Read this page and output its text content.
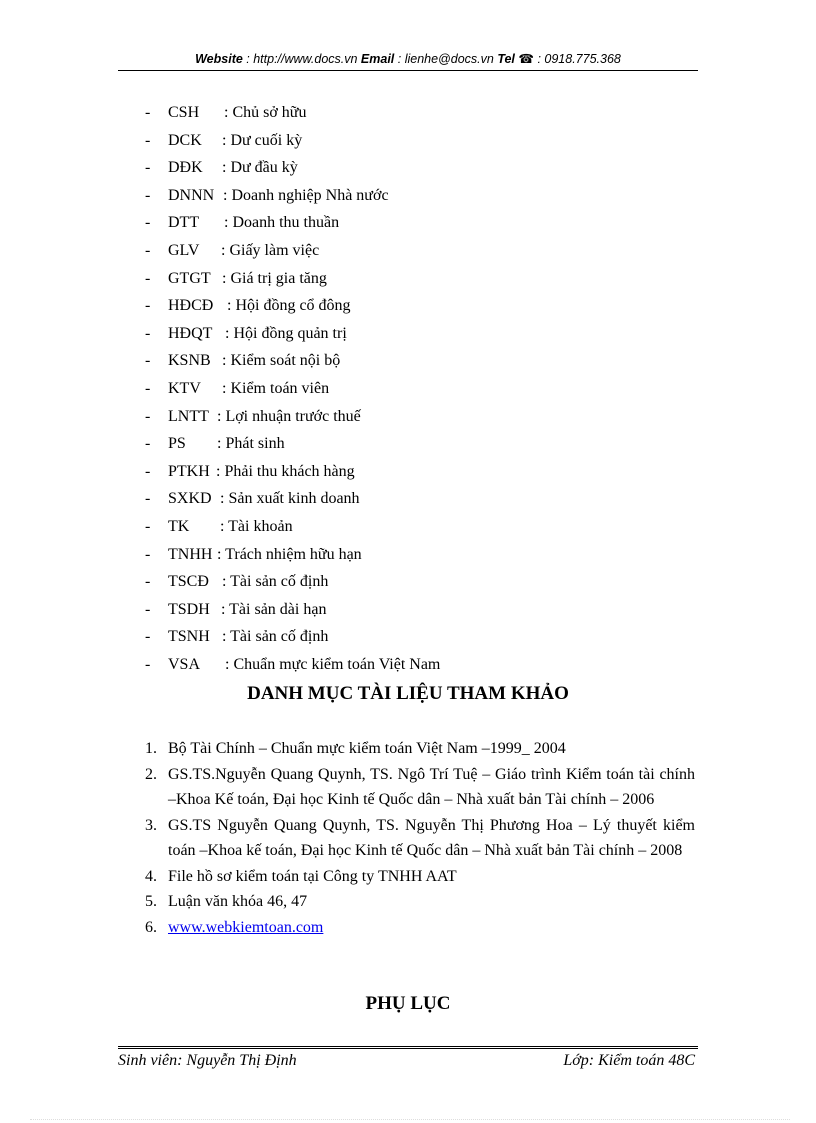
Website : http://www.docs.vn Email : lienhe@docs.vn Tel ☎ : 0918.775.368
- CSH : Chủ sở hữu
- DCK : Dư cuối kỳ
- DĐK : Dư đầu kỳ
- DNNN : Doanh nghiệp Nhà nước
- DTT : Doanh thu thuần
- GLV : Giấy làm việc
- GTGT : Giá trị gia tăng
- HĐCĐ : Hội đồng cổ đông
- HĐQT : Hội đồng quản trị
- KSNB : Kiểm soát nội bộ
- KTV : Kiểm toán viên
- LNTT : Lợi nhuận trước thuế
- PS : Phát sinh
- PTKH : Phải thu khách hàng
- SXKD : Sản xuất kinh doanh
- TK : Tài khoản
- TNHH : Trách nhiệm hữu hạn
- TSCĐ : Tài sản cố định
- TSDH : Tài sản dài hạn
- TSNH : Tài sản cố định
- VSA : Chuẩn mực kiểm toán Việt Nam
DANH MỤC TÀI LIỆU THAM KHẢO
1. Bộ Tài Chính – Chuẩn mực kiểm toán Việt Nam –1999_ 2004
2. GS.TS.Nguyễn Quang Quynh, TS. Ngô Trí Tuệ – Giáo trình Kiểm toán tài chính –Khoa Kế toán, Đại học Kinh tế Quốc dân – Nhà xuất bản Tài chính – 2006
3. GS.TS Nguyễn Quang Quynh, TS. Nguyễn Thị Phương Hoa – Lý thuyết kiểm toán –Khoa kế toán, Đại học Kinh tế Quốc dân – Nhà xuất bản Tài chính – 2008
4. File hồ sơ kiểm toán tại Công ty TNHH AAT
5. Luận văn khóa 46, 47
6. www.webkiemtoan.com
PHỤ LỤC
Sinh viên: Nguyễn Thị Định	Lớp: Kiểm toán 48C
